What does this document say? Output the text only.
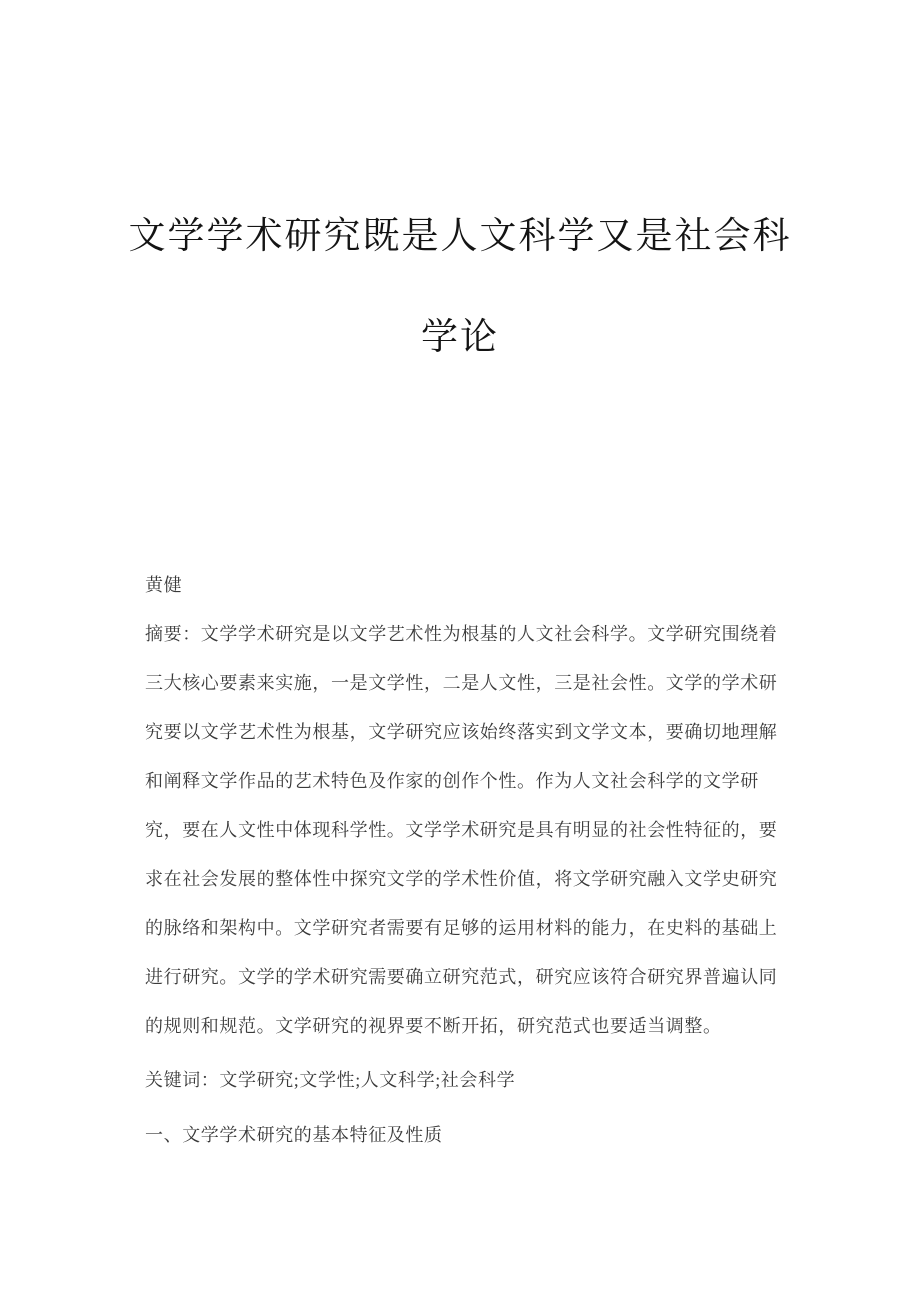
文学学术研究既是人文科学又是社会科
学论
黄健
摘要：文学学术研究是以文学艺术性为根基的人文社会科学。文学研究围绕着
三大核心要素来实施，一是文学性，二是人文性，三是社会性。文学的学术研
究要以文学艺术性为根基，文学研究应该始终落实到文学文本，要确切地理解
和阐释文学作品的艺术特色及作家的创作个性。作为人文社会科学的文学研
究，要在人文性中体现科学性。文学学术研究是具有明显的社会性特征的，要
求在社会发展的整体性中探究文学的学术性价值，将文学研究融入文学史研究
的脉络和架构中。文学研究者需要有足够的运用材料的能力，在史料的基础上
进行研究。文学的学术研究需要确立研究范式，研究应该符合研究界普遍认同
的规则和规范。文学研究的视界要不断开拓，研究范式也要适当调整。
关键词：文学研究;文学性;人文科学;社会科学
一、文学学术研究的基本特征及性质
